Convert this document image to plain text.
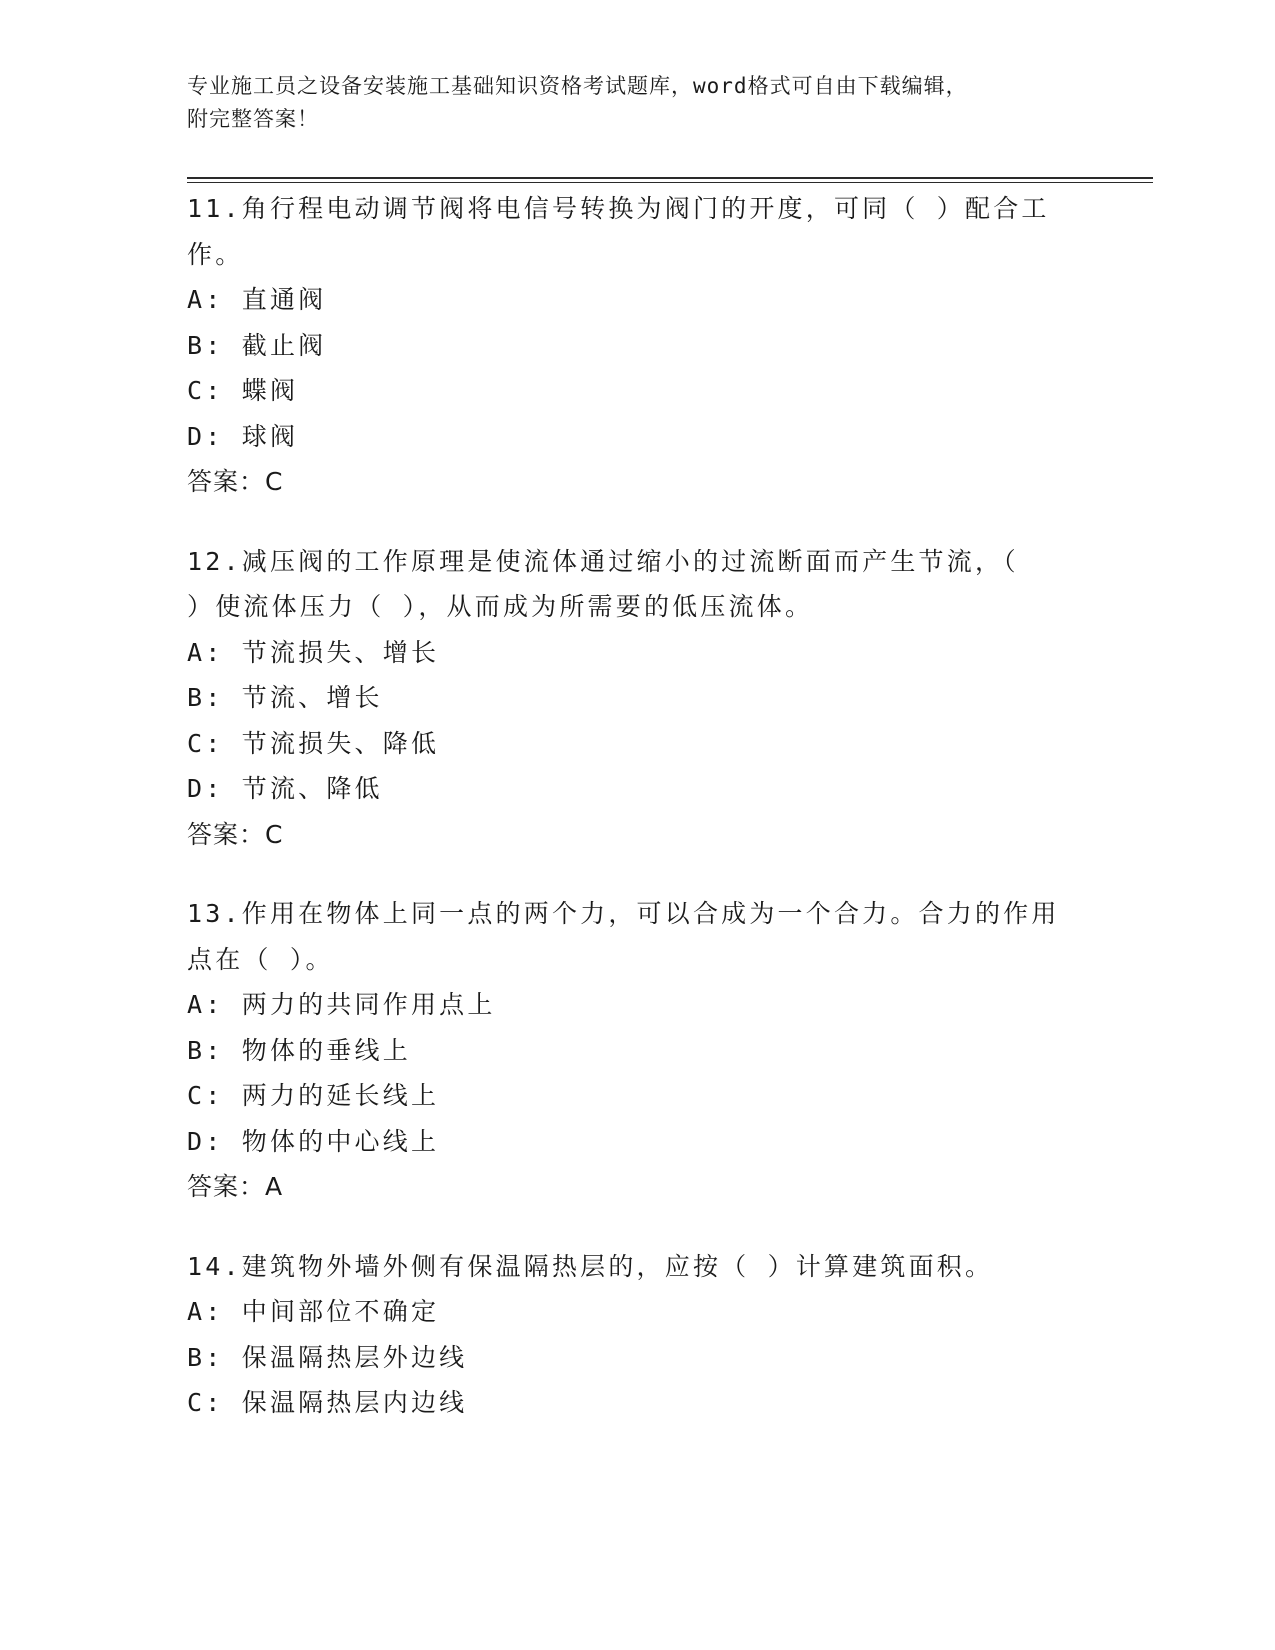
专业施工员之设备安装施工基础知识资格考试题库，word格式可自由下载编辑，
附完整答案！
11.角行程电动调节阀将电信号转换为阀门的开度，可同（ ）配合工
作。
A: 直通阀
B: 截止阀
C: 蝶阀
D: 球阀
答案：C
12.减压阀的工作原理是使流体通过缩小的过流断面而产生节流，（
）使流体压力（ ），从而成为所需要的低压流体。
A: 节流损失、增长
B: 节流、增长
C: 节流损失、降低
D: 节流、降低
答案：C
13.作用在物体上同一点的两个力，可以合成为一个合力。合力的作用
点在（ ）。
A: 两力的共同作用点上
B: 物体的垂线上
C: 两力的延长线上
D: 物体的中心线上
答案：A
14.建筑物外墙外侧有保温隔热层的，应按（ ）计算建筑面积。
A: 中间部位不确定
B: 保温隔热层外边线
C: 保温隔热层内边线
